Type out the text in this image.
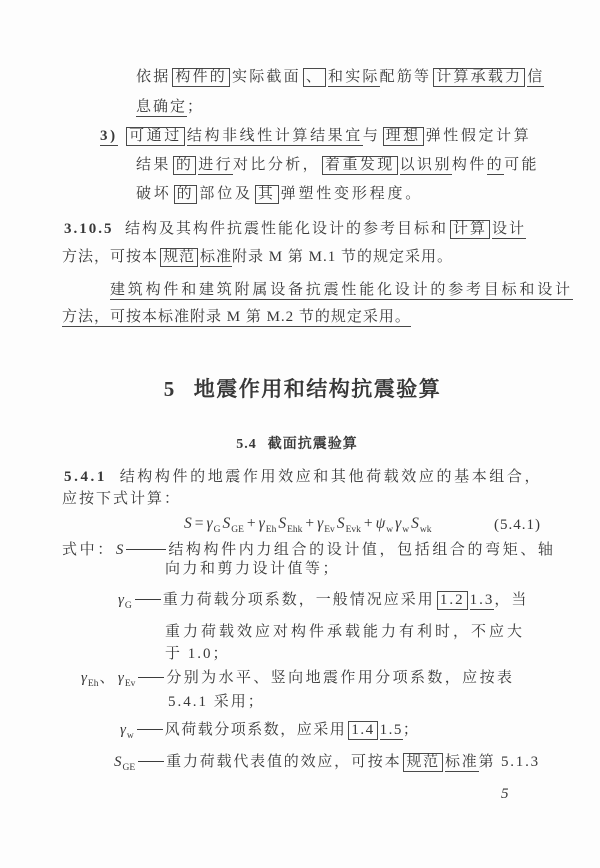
依据 构件的 实际截面 、 和实际配筋等 计算承载力 信
息确定；
3) 可通过 结构非线性计算结果宜与 理想 弹性假定计算
结果 的 进行对比分析， 着重发现 以识别构件的可能
破坏 的 部位及 其 弹塑性变形程度。
3.10.5 结构及其构件抗震性能化设计的参考目标和 计算 设计
方法，可按本 规范 标准附录 M 第 M.1 节的规定采用。
建筑构件和建筑附属设备抗震性能化设计的参考目标和设计
方法，可按本标准附录 M 第 M.2 节的规定采用。
5 地震作用和结构抗震验算
5.4 截面抗震验算
5.4.1 结构构件的地震作用效应和其他荷载效应的基本组合，
应按下式计算：
$S = \gamma_G$ $S_{GE} + \gamma_{Eh}$ $S_{Ehk} + \gamma_{Ev}$ $S_{Evk} + \psi_w$ $\gamma_w$ $S_{wk}$	(5.4.1)
式中：S	结构构件内力组合的设计值，包括组合的弯矩、轴
向力和剪力设计值等；
$\gamma_G$ 重力荷载分项系数，一般情况应采用 1.2 1.3，当
重力荷载效应对构件承载能力有利时，不应大
于 1.0；
$\gamma_{Eh}$、$\gamma_{Ev}$ 分别为水平、竖向地震作用分项系数，应按表
5.4.1 采用；
$\gamma_w$ 风荷载分项系数，应采用 1.4 1.5；
$S_{GE}$ 重力荷载代表值的效应，可按本 规范 标准第 5.1.3
5
